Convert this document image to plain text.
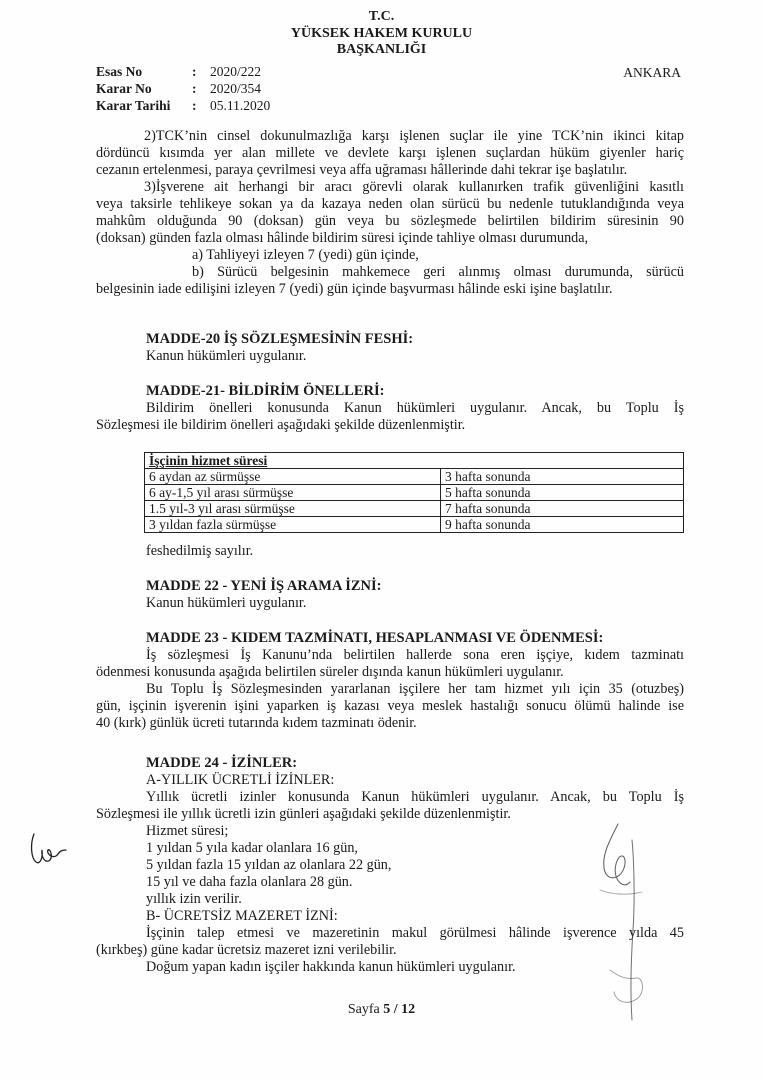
T.C.
YÜKSEK HAKEM KURULU
BAŞKANLIĞI
Esas No	:	2020/222
Karar No	:	2020/354
Karar Tarihi	:	05.11.2020
ANKARA
2)TCK’nin cinsel dokunulmazlığa karşı işlenen suçlar ile yine TCK’nin ikinci kitap
dördüncü kısımda yer alan millete ve devlete karşı işlenen suçlardan hüküm giyenler hariç
cezanın ertelenmesi, paraya çevrilmesi veya affa uğraması hâllerinde dahi tekrar işe başlatılır.
3)İşverene ait herhangi bir aracı görevli olarak kullanırken trafik güvenliğini kasıtlı
veya taksirle tehlikeye sokan ya da kazaya neden olan sürücü bu nedenle tutuklandığında veya
mahkûm olduğunda 90 (doksan) gün veya bu sözleşmede belirtilen bildirim süresinin 90
(doksan) günden fazla olması hâlinde bildirim süresi içinde tahliye olması durumunda,
a) Tahliyeyi izleyen 7 (yedi) gün içinde,
b) Sürücü belgesinin mahkemece geri alınmış olması durumunda, sürücü
belgesinin iade edilişini izleyen 7 (yedi) gün içinde başvurması hâlinde eski işine başlatılır.
MADDE-20 İŞ SÖZLEŞMESİNİN FESHİ:
Kanun hükümleri uygulanır.
MADDE-21- BİLDİRİM ÖNELLERİ:
Bildirim önelleri konusunda Kanun hükümleri uygulanır. Ancak, bu Toplu İş
Sözleşmesi ile bildirim önelleri aşağıdaki şekilde düzenlenmiştir.
İşçinin hizmet süresi	
6 aydan az sürmüşse	3 hafta sonunda
6 ay-1,5 yıl arası sürmüşse	5 hafta sonunda
1.5 yıl-3 yıl arası sürmüşse	7 hafta sonunda
3 yıldan fazla sürmüşse	9 hafta sonunda
feshedilmiş sayılır.
MADDE 22 - YENİ İŞ ARAMA İZNİ:
Kanun hükümleri uygulanır.
MADDE 23 - KIDEM TAZMİNATI, HESAPLANMASI VE ÖDENMESİ:
İş sözleşmesi İş Kanunu’nda belirtilen hallerde sona eren işçiye, kıdem tazminatı
ödenmesi konusunda aşağıda belirtilen süreler dışında kanun hükümleri uygulanır.
Bu Toplu İş Sözleşmesinden yararlanan işçilere her tam hizmet yılı için 35 (otuzbeş)
gün, işçinin işverenin işini yaparken iş kazası veya meslek hastalığı sonucu ölümü halinde ise
40 (kırk) günlük ücreti tutarında kıdem tazminatı ödenir.
MADDE 24 - İZİNLER:
A-YILLIK ÜCRETLİ İZİNLER:
Yıllık ücretli izinler konusunda Kanun hükümleri uygulanır. Ancak, bu Toplu İş
Sözleşmesi ile yıllık ücretli izin günleri aşağıdaki şekilde düzenlenmiştir.
Hizmet süresi;
1 yıldan 5 yıla kadar olanlara 16 gün,
5 yıldan fazla 15 yıldan az olanlara 22 gün,
15 yıl ve daha fazla olanlara 28 gün.
yıllık izin verilir.
B- ÜCRETSİZ MAZERET İZNİ:
İşçinin talep etmesi ve mazeretinin makul görülmesi hâlinde işverence yılda 45
(kırkbeş) güne kadar ücretsiz mazeret izni verilebilir.
Doğum yapan kadın işçiler hakkında kanun hükümleri uygulanır.
Sayfa 5 / 12
